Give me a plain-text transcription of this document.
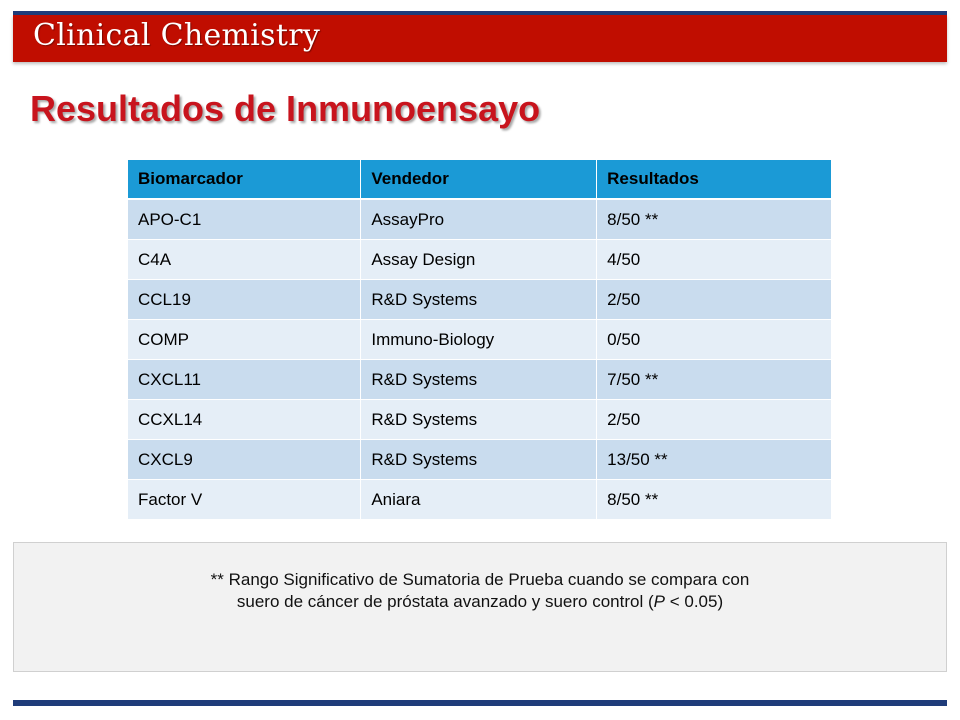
Clinical Chemistry
Resultados de Inmunoensayo
Biomarcador	Vendedor	Resultados
APO-C1	AssayPro	8/50 **
C4A	Assay Design	4/50
CCL19	R&D Systems	2/50
COMP	Immuno-Biology	0/50
CXCL11	R&D Systems	7/50 **
CCXL14	R&D Systems	2/50
CXCL9	R&D Systems	13/50 **
Factor V	Aniara	8/50 **
** Rango Significativo de Sumatoria de Prueba cuando se compara con
suero de cáncer de próstata avanzado y suero control (P < 0.05)
